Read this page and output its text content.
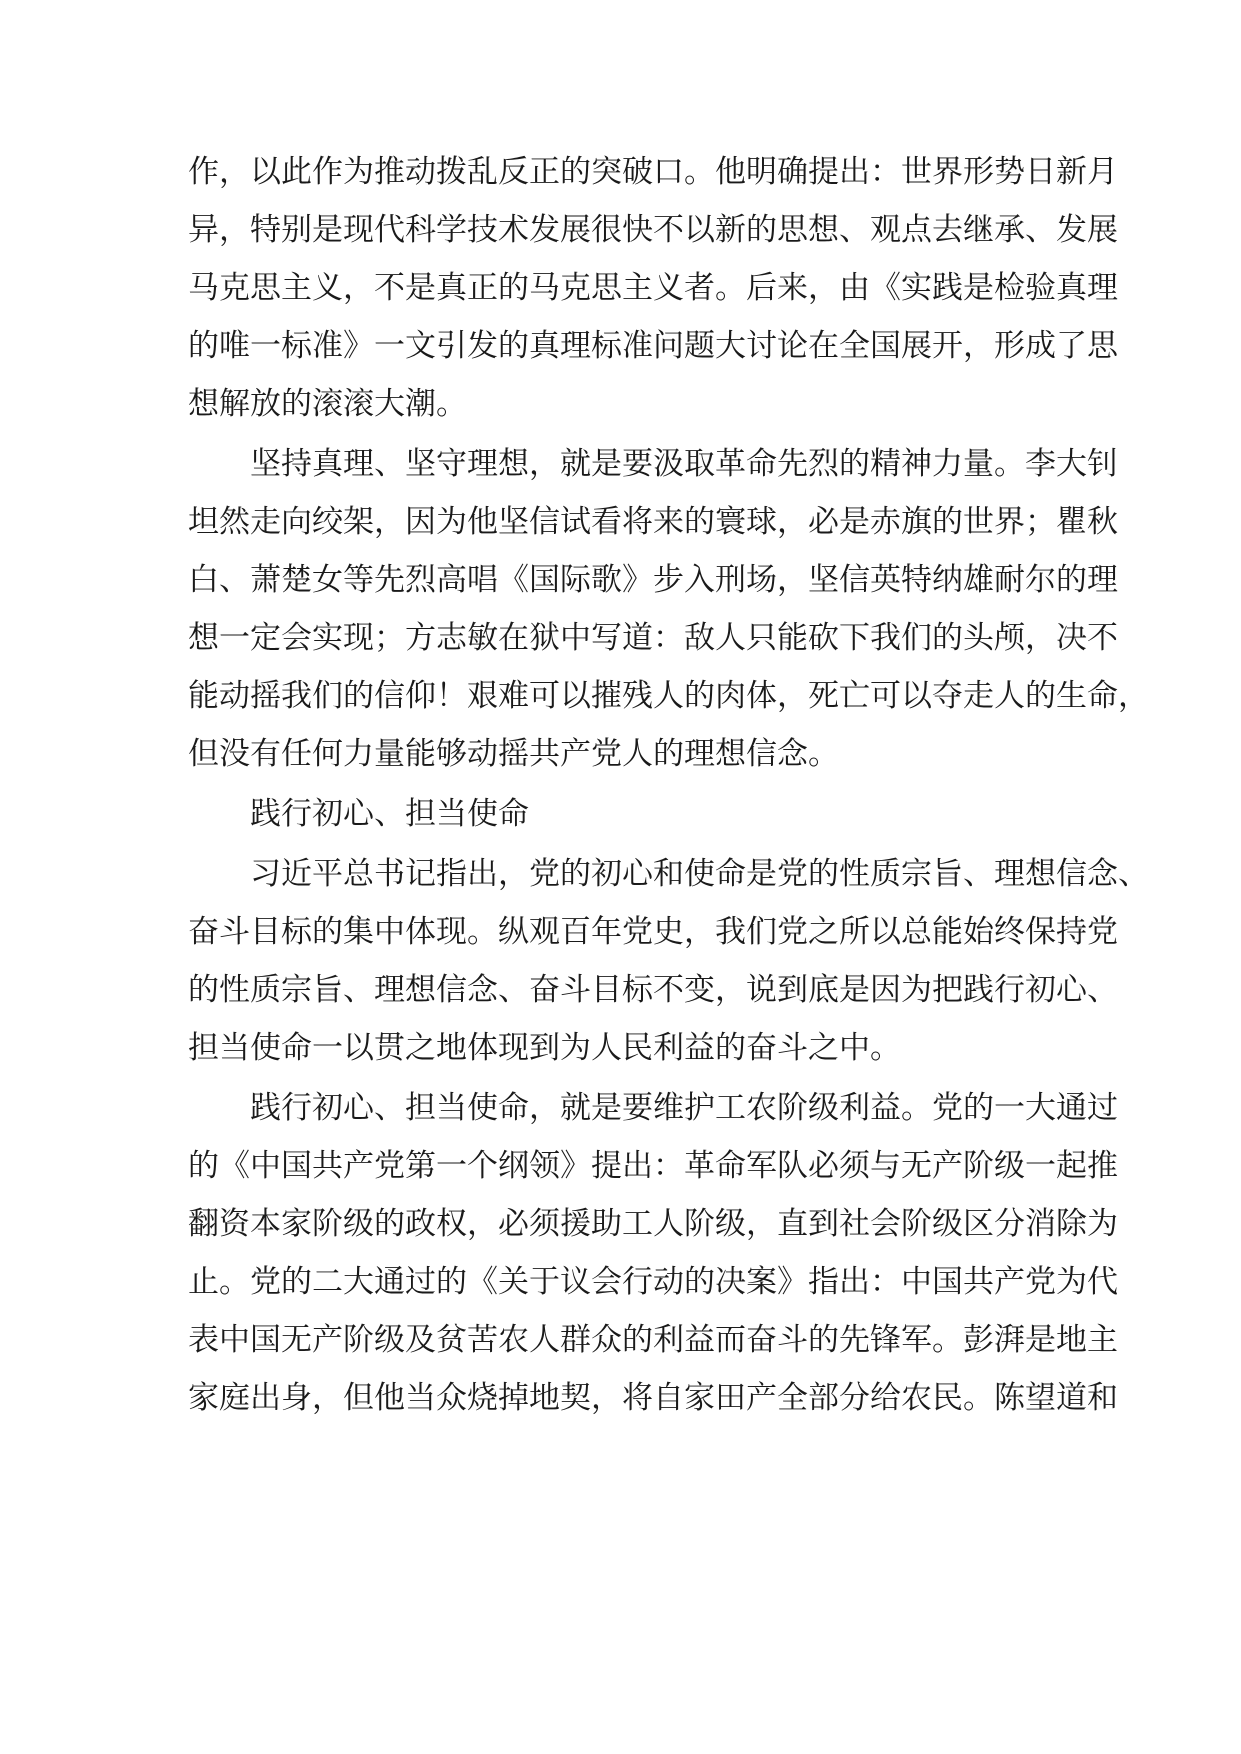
作，以此作为推动拨乱反正的突破口。他明确提出：世界形势日新月
异，特别是现代科学技术发展很快不以新的思想、观点去继承、发展
马克思主义，不是真正的马克思主义者。后来，由《实践是检验真理
的唯一标准》一文引发的真理标准问题大讨论在全国展开，形成了思
想解放的滚滚大潮。
坚持真理、坚守理想，就是要汲取革命先烈的精神力量。李大钊
坦然走向绞架，因为他坚信试看将来的寰球，必是赤旗的世界；瞿秋
白、萧楚女等先烈高唱《国际歌》步入刑场，坚信英特纳雄耐尔的理
想一定会实现；方志敏在狱中写道：敌人只能砍下我们的头颅，决不
能动摇我们的信仰！艰难可以摧残人的肉体，死亡可以夺走人的生命，
但没有任何力量能够动摇共产党人的理想信念。
践行初心、担当使命
习近平总书记指出，党的初心和使命是党的性质宗旨、理想信念、
奋斗目标的集中体现。纵观百年党史，我们党之所以总能始终保持党
的性质宗旨、理想信念、奋斗目标不变，说到底是因为把践行初心、
担当使命一以贯之地体现到为人民利益的奋斗之中。
践行初心、担当使命，就是要维护工农阶级利益。党的一大通过
的《中国共产党第一个纲领》提出：革命军队必须与无产阶级一起推
翻资本家阶级的政权，必须援助工人阶级，直到社会阶级区分消除为
止。党的二大通过的《关于议会行动的决案》指出：中国共产党为代
表中国无产阶级及贫苦农人群众的利益而奋斗的先锋军。彭湃是地主
家庭出身，但他当众烧掉地契，将自家田产全部分给农民。陈望道和
